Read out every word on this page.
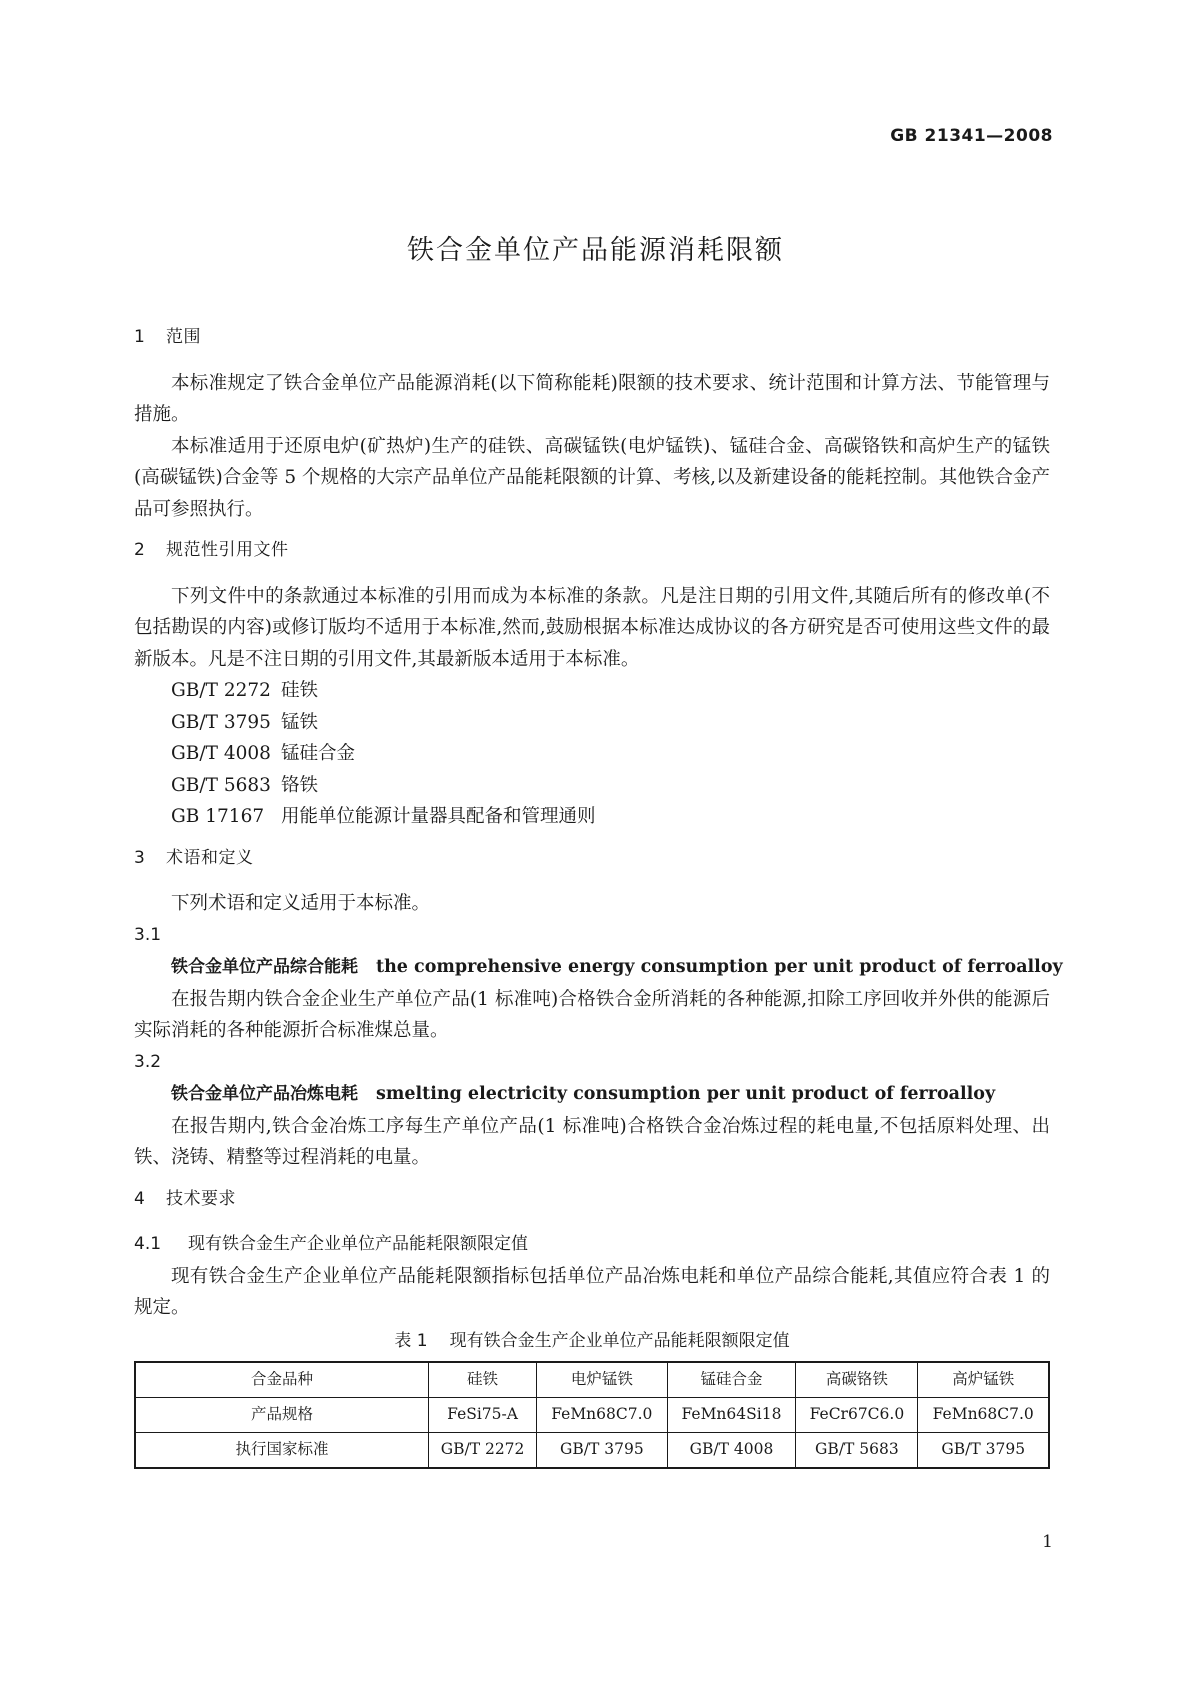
GB 21341—2008
铁合金单位产品能源消耗限额
1 范围

本标准规定了铁合金单位产品能源消耗(以下简称能耗)限额的技术要求、统计范围和计算方法、节能管理与措施。

本标准适用于还原电炉(矿热炉)生产的硅铁、高碳锰铁(电炉锰铁)、锰硅合金、高碳铬铁和高炉生产的锰铁(高碳锰铁)合金等 5 个规格的大宗产品单位产品能耗限额的计算、考核,以及新建设备的能耗控制。其他铁合金产品可参照执行。

2 规范性引用文件

下列文件中的条款通过本标准的引用而成为本标准的条款。凡是注日期的引用文件,其随后所有的修改单(不包括勘误的内容)或修订版均不适用于本标准,然而,鼓励根据本标准达成协议的各方研究是否可使用这些文件的最新版本。凡是不注日期的引用文件,其最新版本适用于本标准。

GB/T 2272 硅铁
GB/T 3795 锰铁
GB/T 4008 锰硅合金
GB/T 5683 铬铁
GB 17167 用能单位能源计量器具配备和管理通则
3 术语和定义

下列术语和定义适用于本标准。

3.1
铁合金单位产品综合能耗 the comprehensive energy consumption per unit product of ferroalloy

在报告期内铁合金企业生产单位产品(1 标准吨)合格铁合金所消耗的各种能源,扣除工序回收并外供的能源后实际消耗的各种能源折合标准煤总量。

3.2
铁合金单位产品冶炼电耗 smelting electricity consumption per unit product of ferroalloy

在报告期内,铁合金冶炼工序每生产单位产品(1 标准吨)合格铁合金冶炼过程的耗电量,不包括原料处理、出铁、浇铸、精整等过程消耗的电量。

4 技术要求
4.1 现有铁合金生产企业单位产品能耗限额限定值

现有铁合金生产企业单位产品能耗限额指标包括单位产品冶炼电耗和单位产品综合能耗,其值应符合表 1 的规定。

表 1 现有铁合金生产企业单位产品能耗限额限定值
合金品种	硅铁	电炉锰铁	锰硅合金	高碳铬铁	高炉锰铁
产品规格	FeSi75-A	FeMn68C7.0	FeMn64Si18	FeCr67C6.0	FeMn68C7.0
执行国家标准	GB/T 2272	GB/T 3795	GB/T 4008	GB/T 5683	GB/T 3795
1
